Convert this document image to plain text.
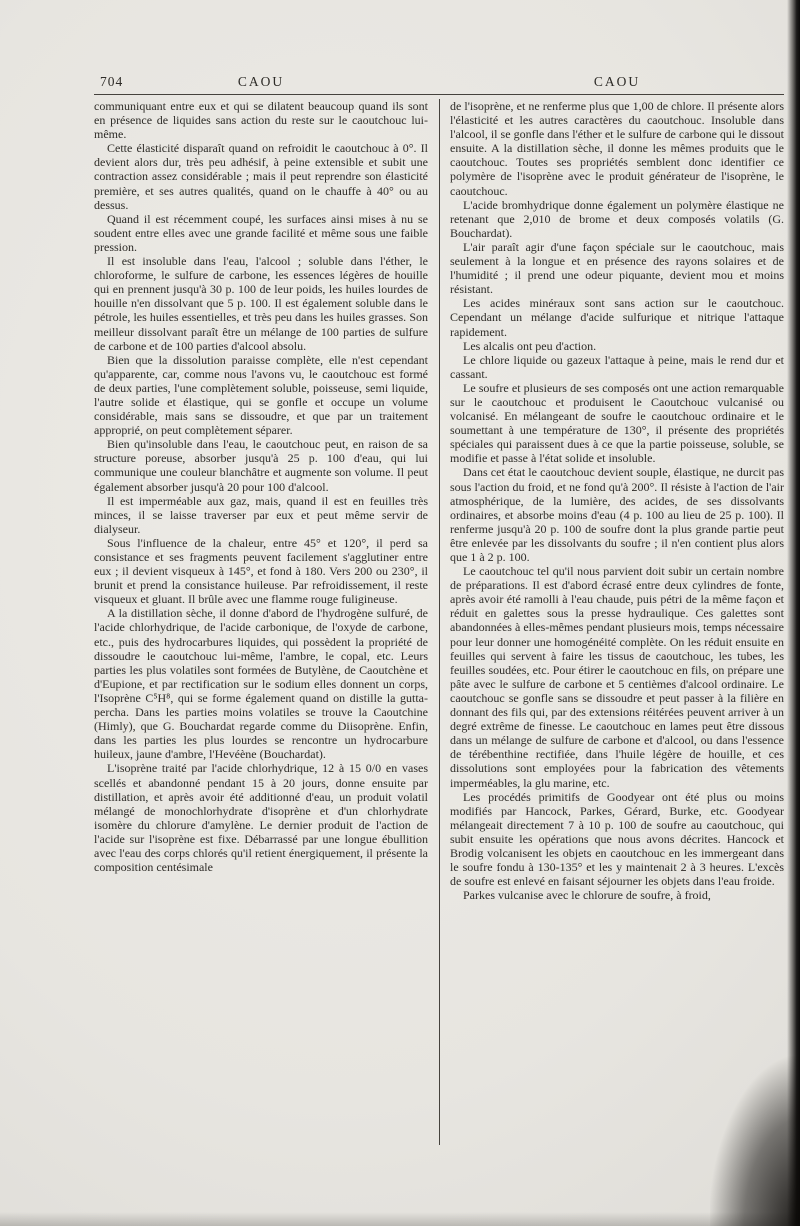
704	CAOU	CAOU

communiquant entre eux et qui se dilatent beaucoup quand ils sont en présence de liquides sans action du reste sur le caoutchouc lui-même.

Cette élasticité disparaît quand on refroidit le caoutchouc à 0°. Il devient alors dur, très peu adhésif, à peine extensible et subit une contraction assez considérable ; mais il peut reprendre son élasticité première, et ses autres qualités, quand on le chauffe à 40° ou au dessus.

Quand il est récemment coupé, les surfaces ainsi mises à nu se soudent entre elles avec une grande facilité et même sous une faible pression.

Il est insoluble dans l'eau, l'alcool ; soluble dans l'éther, le chloroforme, le sulfure de carbone, les essences légères de houille qui en prennent jusqu'à 30 p. 100 de leur poids, les huiles lourdes de houille n'en dissolvant que 5 p. 100. Il est également soluble dans le pétrole, les huiles essentielles, et très peu dans les huiles grasses. Son meilleur dissolvant paraît être un mélange de 100 parties de sulfure de carbone et de 100 parties d'alcool absolu.

Bien que la dissolution paraisse complète, elle n'est cependant qu'apparente, car, comme nous l'avons vu, le caoutchouc est formé de deux parties, l'une complètement soluble, poisseuse, semi liquide, l'autre solide et élastique, qui se gonfle et occupe un volume considérable, mais sans se dissoudre, et que par un traitement approprié, on peut complètement séparer.

Bien qu'insoluble dans l'eau, le caoutchouc peut, en raison de sa structure poreuse, absorber jusqu'à 25 p. 100 d'eau, qui lui communique une couleur blanchâtre et augmente son volume. Il peut également absorber jusqu'à 20 pour 100 d'alcool.

Il est imperméable aux gaz, mais, quand il est en feuilles très minces, il se laisse traverser par eux et peut même servir de dialyseur.

Sous l'influence de la chaleur, entre 45° et 120°, il perd sa consistance et ses fragments peuvent facilement s'agglutiner entre eux ; il devient visqueux à 145°, et fond à 180. Vers 200 ou 230°, il brunit et prend la consistance huileuse. Par refroidissement, il reste visqueux et gluant. Il brûle avec une flamme rouge fuligineuse.

A la distillation sèche, il donne d'abord de l'hydrogène sulfuré, de l'acide chlorhydrique, de l'acide carbonique, de l'oxyde de carbone, etc., puis des hydrocarbures liquides, qui possèdent la propriété de dissoudre le caoutchouc lui-même, l'ambre, le copal, etc. Leurs parties les plus volatiles sont formées de Butylène, de Caoutchène et d'Eupione, et par rectification sur le sodium elles donnent un corps, l'Isoprène C⁵H⁸, qui se forme également quand on distille la gutta-percha. Dans les parties moins volatiles se trouve la Caoutchine (Himly), que G. Bouchardat regarde comme du Diisoprène. Enfin, dans les parties les plus lourdes se rencontre un hydrocarbure huileux, jaune d'ambre, l'Hevéène (Bouchardat).

L'isoprène traité par l'acide chlorhydrique, 12 à 15 0/0 en vases scellés et abandonné pendant 15 à 20 jours, donne ensuite par distillation, et après avoir été additionné d'eau, un produit volatil mélangé de monochlorhydrate d'isoprène et d'un chlorhydrate isomère du chlorure d'amylène. Le dernier produit de l'action de l'acide sur l'isoprène est fixe. Débarrassé par une longue ébullition avec l'eau des corps chlorés qu'il retient énergiquement, il présente la composition centésimale

de l'isoprène, et ne renferme plus que 1,00 de chlore. Il présente alors l'élasticité et les autres caractères du caoutchouc. Insoluble dans l'alcool, il se gonfle dans l'éther et le sulfure de carbone qui le dissout ensuite. A la distillation sèche, il donne les mêmes produits que le caoutchouc. Toutes ses propriétés semblent donc identifier ce polymère de l'isoprène avec le produit générateur de l'isoprène, le caoutchouc.

L'acide bromhydrique donne également un polymère élastique ne retenant que 2,010 de brome et deux composés volatils (G. Bouchardat).

L'air paraît agir d'une façon spéciale sur le caoutchouc, mais seulement à la longue et en présence des rayons solaires et de l'humidité ; il prend une odeur piquante, devient mou et moins résistant.

Les acides minéraux sont sans action sur le caoutchouc. Cependant un mélange d'acide sulfurique et nitrique l'attaque rapidement.

Les alcalis ont peu d'action.

Le chlore liquide ou gazeux l'attaque à peine, mais le rend dur et cassant.

Le soufre et plusieurs de ses composés ont une action remarquable sur le caoutchouc et produisent le Caoutchouc vulcanisé ou volcanisé. En mélangeant de soufre le caoutchouc ordinaire et le soumettant à une température de 130°, il présente des propriétés spéciales qui paraissent dues à ce que la partie poisseuse, soluble, se modifie et passe à l'état solide et insoluble.

Dans cet état le caoutchouc devient souple, élastique, ne durcit pas sous l'action du froid, et ne fond qu'à 200°. Il résiste à l'action de l'air atmosphérique, de la lumière, des acides, de ses dissolvants ordinaires, et absorbe moins d'eau (4 p. 100 au lieu de 25 p. 100). Il renferme jusqu'à 20 p. 100 de soufre dont la plus grande partie peut être enlevée par les dissolvants du soufre ; il n'en contient plus alors que 1 à 2 p. 100.

Le caoutchouc tel qu'il nous parvient doit subir un certain nombre de préparations. Il est d'abord écrasé entre deux cylindres de fonte, après avoir été ramolli à l'eau chaude, puis pétri de la même façon et réduit en galettes sous la presse hydraulique. Ces galettes sont abandonnées à elles-mêmes pendant plusieurs mois, temps nécessaire pour leur donner une homogénéité complète. On les réduit ensuite en feuilles qui servent à faire les tissus de caoutchouc, les tubes, les feuilles soudées, etc. Pour étirer le caoutchouc en fils, on prépare une pâte avec le sulfure de carbone et 5 centièmes d'alcool ordinaire. Le caoutchouc se gonfle sans se dissoudre et peut passer à la filière en donnant des fils qui, par des extensions réitérées peuvent arriver à un degré extrême de finesse. Le caoutchouc en lames peut être dissous dans un mélange de sulfure de carbone et d'alcool, ou dans l'essence de térébenthine rectifiée, dans l'huile légère de houille, et ces dissolutions sont employées pour la fabrication des vêtements imperméables, la glu marine, etc.

Les procédés primitifs de Goodyear ont été plus ou moins modifiés par Hancock, Parkes, Gérard, Burke, etc. Goodyear mélangeait directement 7 à 10 p. 100 de soufre au caoutchouc, qui subit ensuite les opérations que nous avons décrites. Hancock et Brodig volcanisent les objets en caoutchouc en les immergeant dans le soufre fondu à 130-135° et les y maintenait 2 à 3 heures. L'excès de soufre est enlevé en faisant séjourner les objets dans l'eau froide.

Parkes vulcanise avec le chlorure de soufre, à froid,
